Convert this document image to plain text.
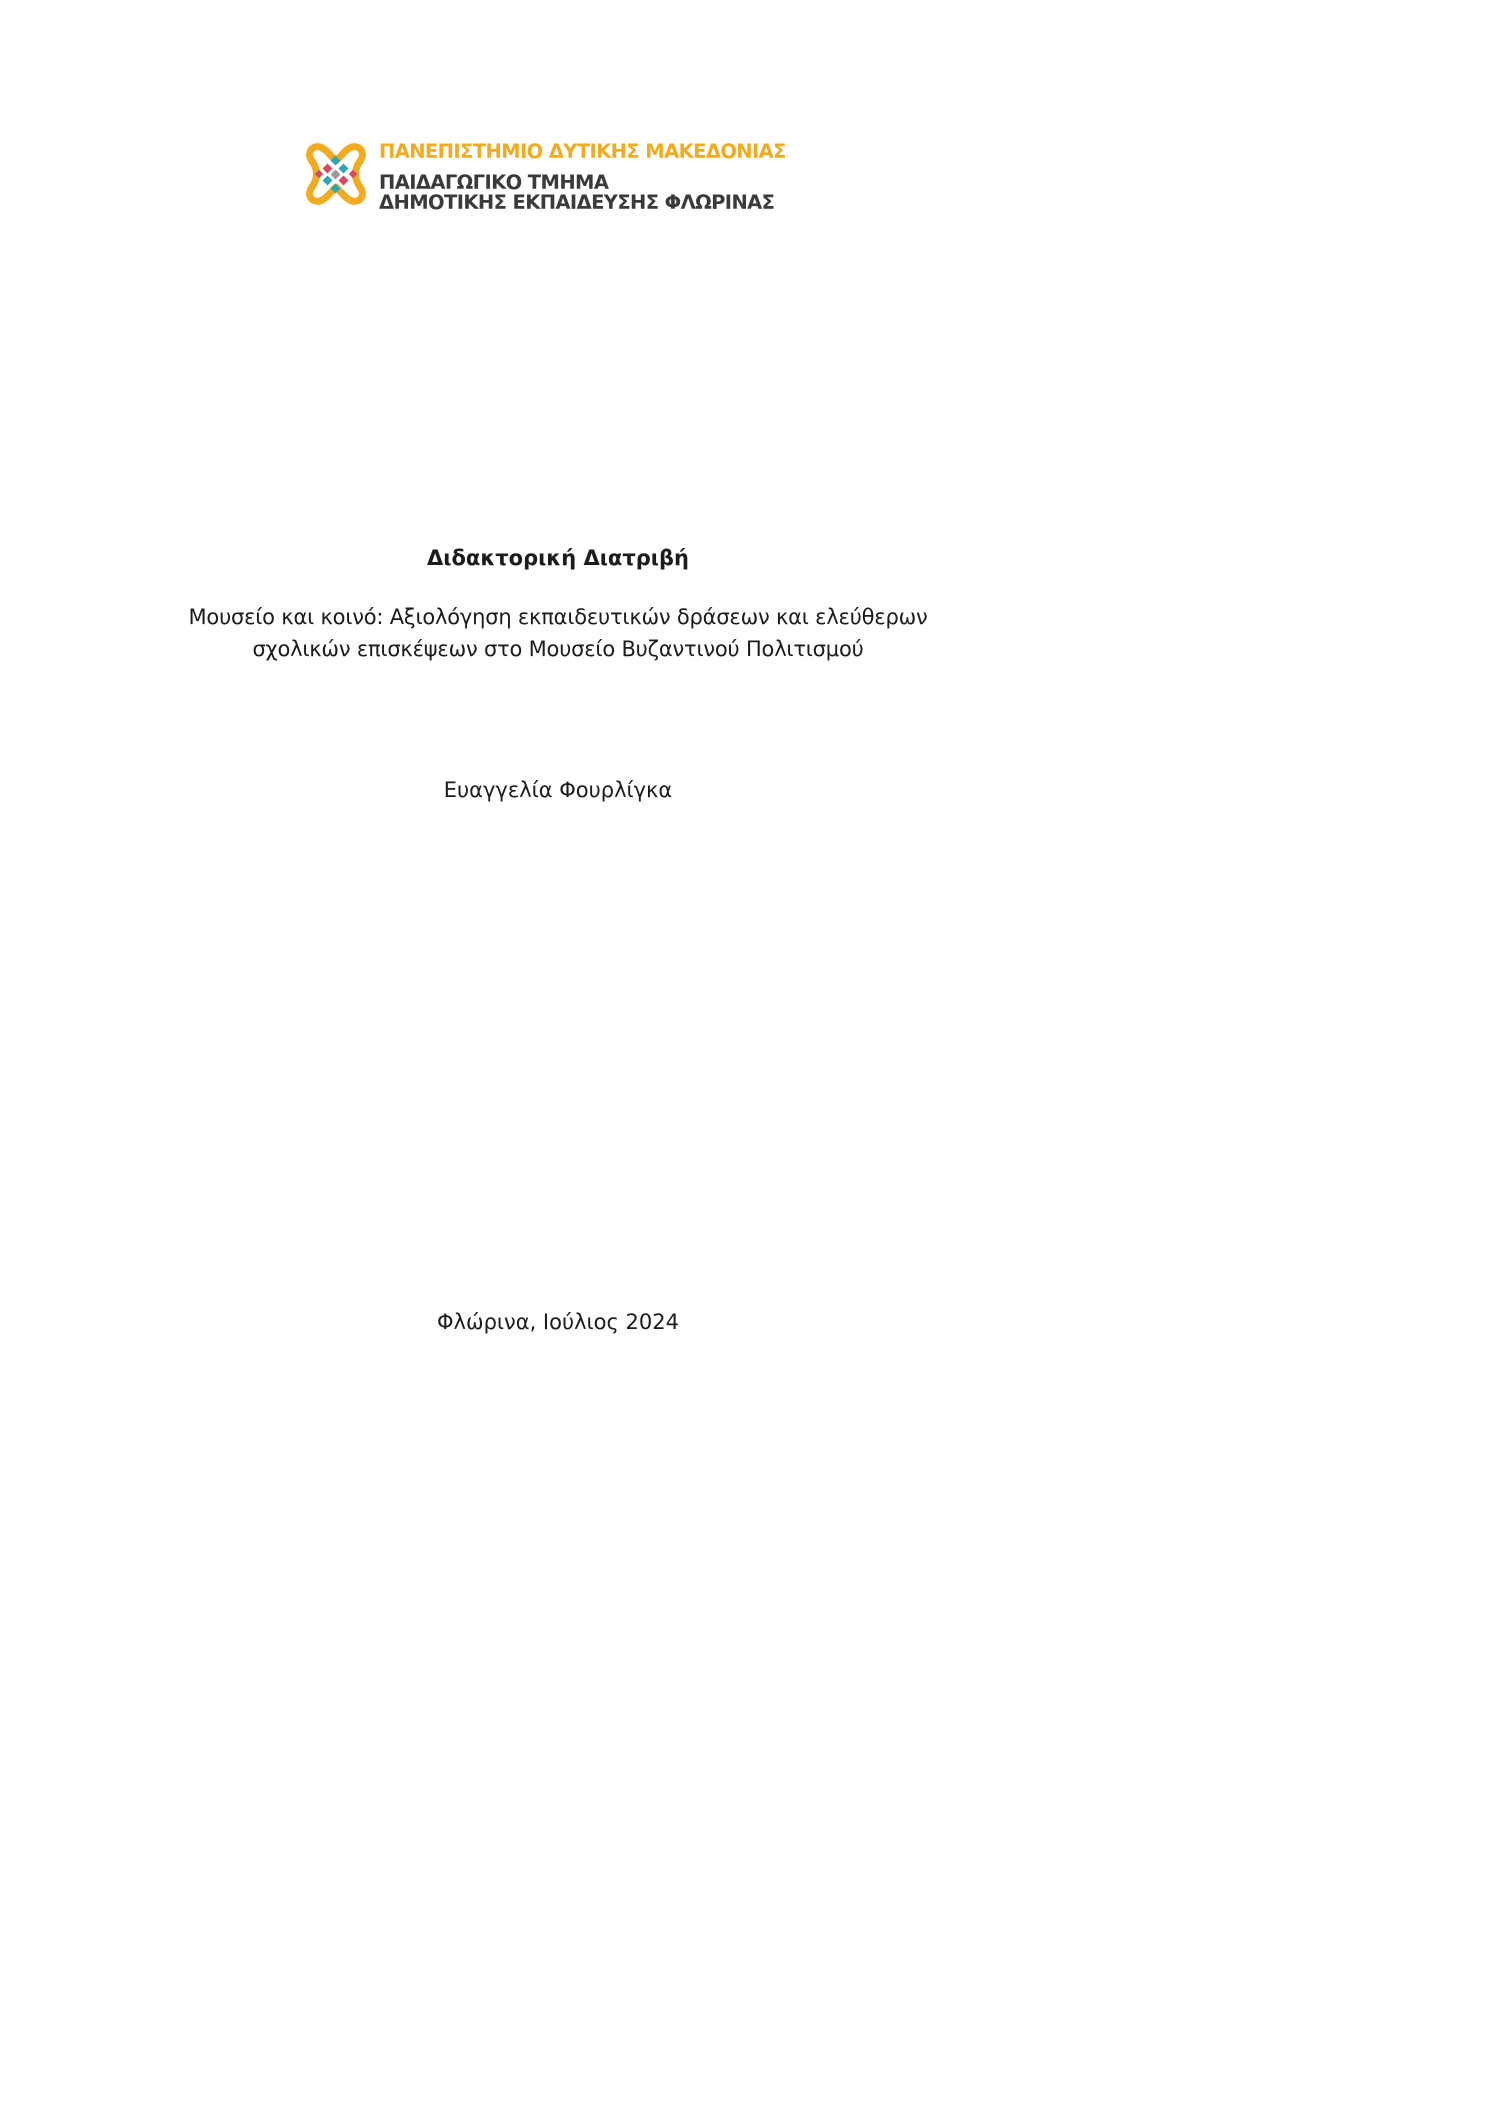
ΠΑΝΕΠΙΣΤΗΜΙΟ ΔΥΤΙΚΗΣ ΜΑΚΕΔΟΝΙΑΣ
ΠΑΙΔΑΓΩΓΙΚΟ ΤΜΗΜΑ
ΔΗΜΟΤΙΚΗΣ ΕΚΠΑΙΔΕΥΣΗΣ ΦΛΩΡΙΝΑΣ
Διδακτορική Διατριβή
Μουσείο και κοινό: Αξιολόγηση εκπαιδευτικών δράσεων και ελεύθερων
σχολικών επισκέψεων στο Μουσείο Βυζαντινού Πολιτισμού
Ευαγγελία Φουρλίγκα
Φλώρινα, Ιούλιος 2024
